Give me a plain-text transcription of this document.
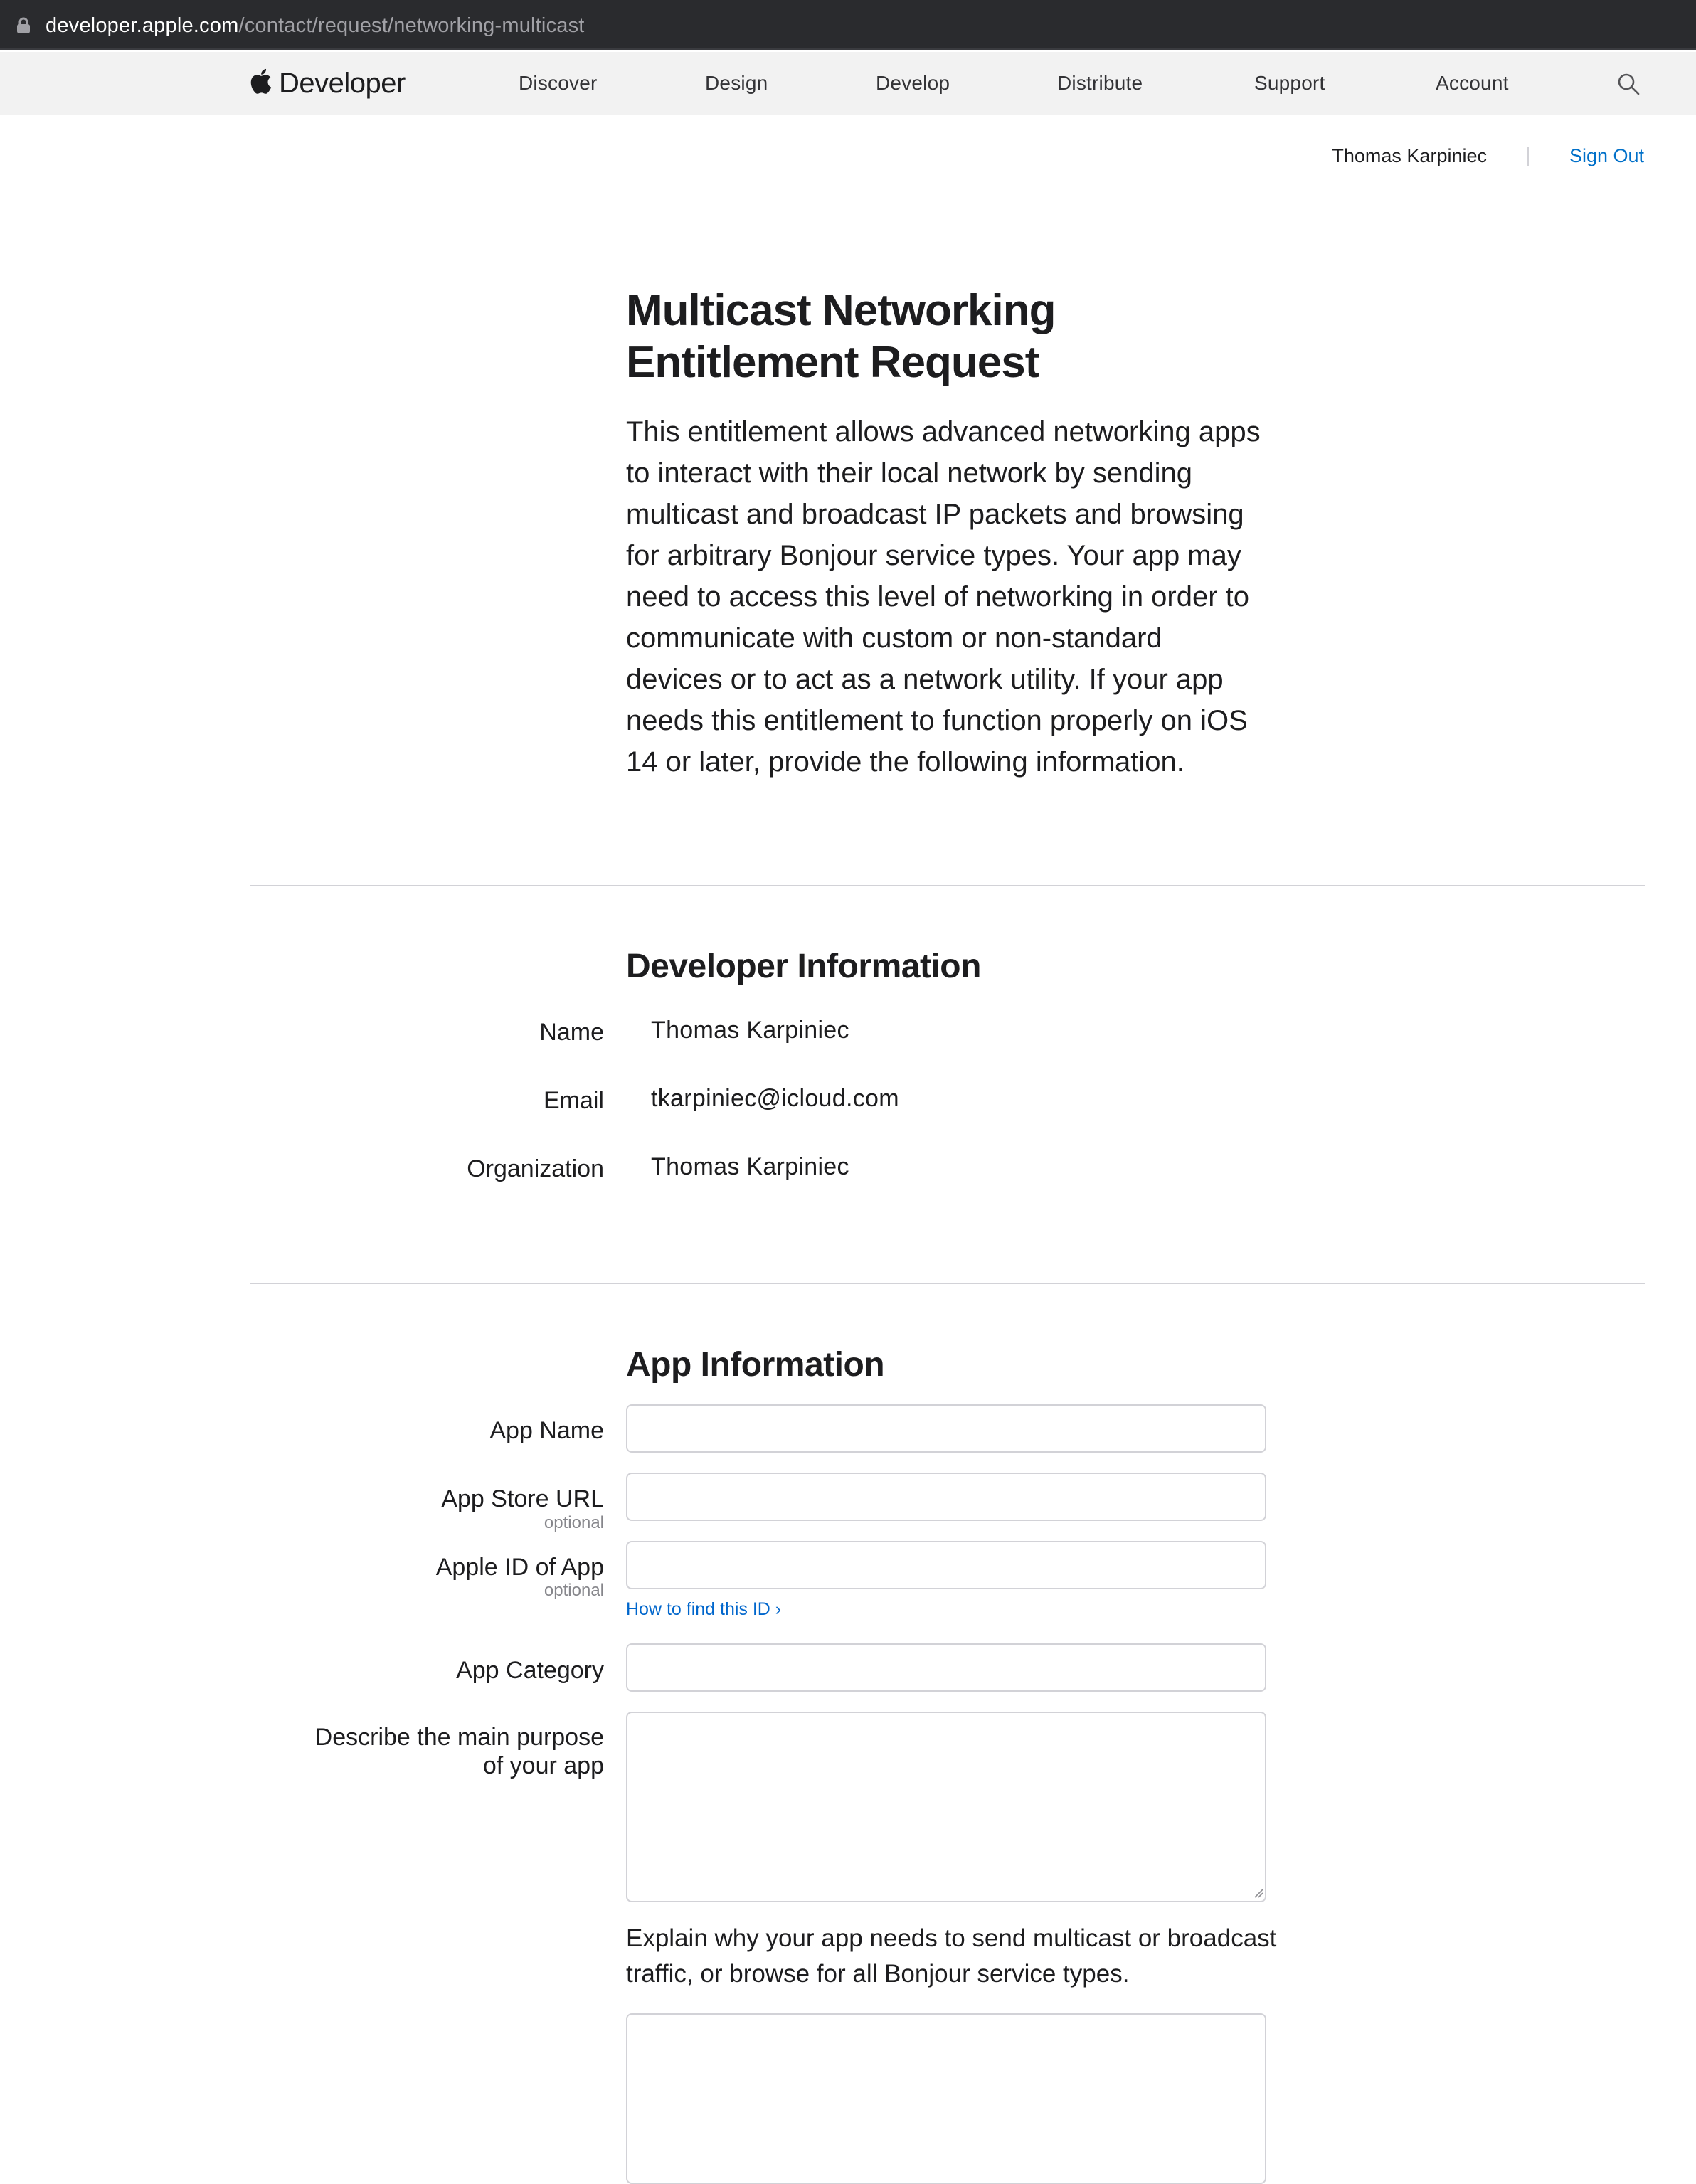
developer.apple.com/contact/request/networking-multicast
Developer	Discover	Design	Develop	Distribute	Support	Account
Thomas Karpiniec	Sign Out
Multicast Networking Entitlement Request

This entitlement allows advanced networking apps to interact with their local network by sending multicast and broadcast IP packets and browsing for arbitrary Bonjour service types. Your app may need to access this level of networking in order to communicate with custom or non-standard devices or to act as a network utility. If your app needs this entitlement to function properly on iOS 14 or later, provide the following information.

Developer Information
Name Thomas Karpiniec
Email tkarpiniec@icloud.com
Organization Thomas Karpiniec
App Information
App Name
App Store URL
optional
Apple ID of App
optional
How to find this ID ›
App Category
Describe the main purpose of your app

Explain why your app needs to send multicast or broadcast traffic, or browse for all Bonjour service types.
